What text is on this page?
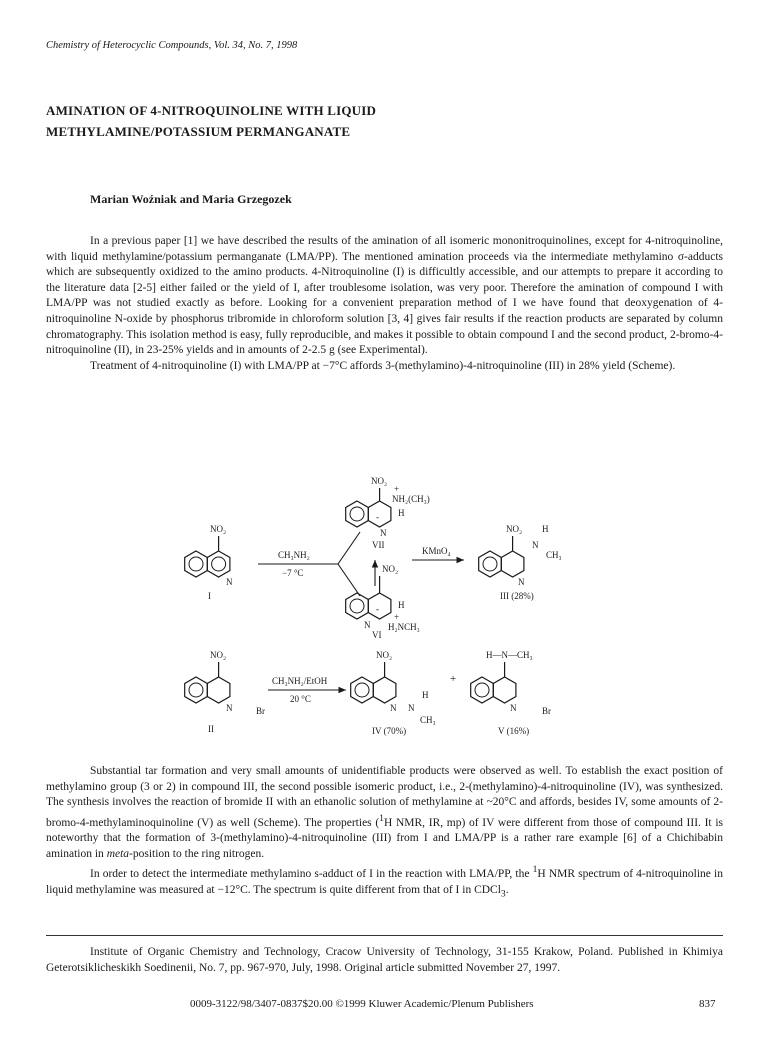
Chemistry of Heterocyclic Compounds, Vol. 34, No. 7, 1998
AMINATION OF 4-NITROQUINOLINE WITH LIQUID
METHYLAMINE/POTASSIUM PERMANGANATE
Marian Woźniak and Maria Grzegozek

In a previous paper [1] we have described the results of the amination of all isomeric mononitroquinolines, except for 4-nitroquinoline, with liquid methylamine/potassium permanganate (LMA/PP). The mentioned amination proceeds via the intermediate methylamino σ-adducts which are subsequently oxidized to the amino products. 4-Nitroquinoline (I) is difficultly accessible, and our attempts to prepare it according to the literature data [2-5] either failed or the yield of I, after troublesome isolation, was very poor. Therefore the amination of compound I with LMA/PP was not studied exactly as before. Looking for a convenient preparation method of I we have found that deoxygenation of 4-nitroquinoline N-oxide by phosphorus tribromide in chloroform solution [3, 4] gives fair results if the reaction products are separated by column chromatography. This isolation method is easy, fully reproducible, and makes it possible to obtain compound I and the second product, 2-bromo-4-nitroquinoline (II), in 23-25% yields and in amounts of 2-2.5 g (see Experimental).

Treatment of 4-nitroquinoline (I) with LMA/PP at −7°C affords 3-(methylamino)-4-nitroquinoline (III) in 28% yield (Scheme).

NO₂
N
I
CH₃NH₂
−7 °C
NO₂
+
NH₂(CH₃)
-
N
H
VII
NO₂
-
N
H
+
H₂NCH₃
VI
KMnO₄
NO₂ H
N
CH₃
N
III (28%)
NO₂
N	Br
II
CH₃NH₂/EtOH
20 °C
NO₂
N N
H
CH₃
IV (70%)
+
H—N—CH₃
N	Br
V (16%)

Substantial tar formation and very small amounts of unidentifiable products were observed as well. To establish the exact position of methylamino group (3 or 2) in compound III, the second possible isomeric product, i.e., 2-(methylamino)-4-nitroquinoline (IV), was synthesized. The synthesis involves the reaction of bromide II with an ethanolic solution of methylamine at ~20°C and affords, besides IV, some amounts of 2-bromo-4-methylaminoquinoline (V) as well (Scheme). The properties ($^1$H NMR, IR, mp) of IV were different from those of compound III. It is noteworthy that the formation of 3-(methylamino)-4-nitroquinoline (III) from I and LMA/PP is a rather rare example [6] of a Chichibabin amination in meta-position to the ring nitrogen.

In order to detect the intermediate methylamino s-adduct of I in the reaction with LMA/PP, the $^1$H NMR spectrum of 4-nitroquinoline in liquid methylamine was measured at −12°C. The spectrum is quite different from that of I in CDCl$_3$.

Institute of Organic Chemistry and Technology, Cracow University of Technology, 31-155 Krakow, Poland. Published in Khimiya Geterotsiklicheskikh Soedinenii, No. 7, pp. 967-970, July, 1998. Original article submitted November 27, 1997.
0009-3122/98/3407-0837$20.00 ©1999 Kluwer Academic/Plenum Publishers	837
